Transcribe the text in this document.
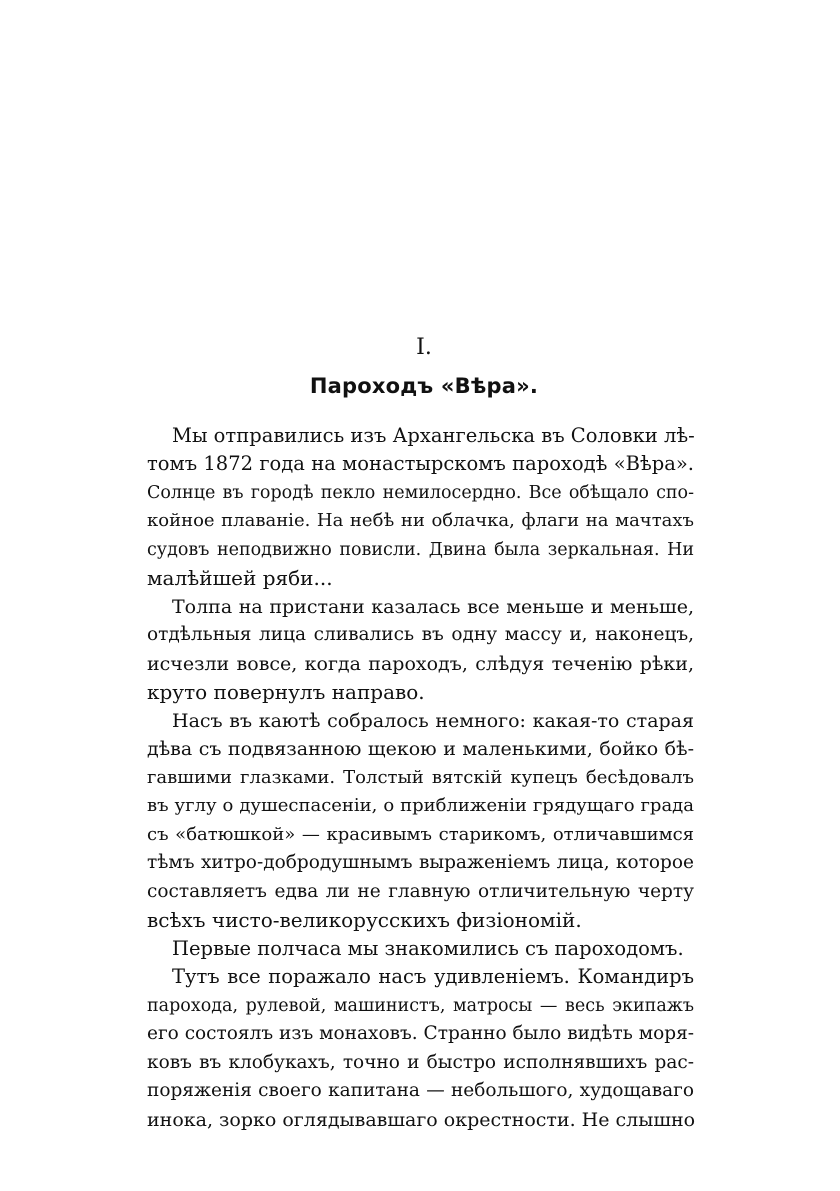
I.
Пароходъ «Вѣра».
Мы отправились изъ Архангельска въ Соловки лѣ-
томъ 1872 года на монастырскомъ пароходѣ «Вѣра».
Солнце въ городѣ пекло немилосердно. Все обѣщало спо-
койное плаваніе. На небѣ ни облачка, флаги на мачтахъ
судовъ неподвижно повисли. Двина была зеркальная. Ни
малѣйшей ряби...
Толпа на пристани казалась все меньше и меньше,
отдѣльныя лица сливались въ одну массу и, наконецъ,
исчезли вовсе, когда пароходъ, слѣдуя теченію рѣки,
круто повернулъ направо.
Насъ въ каютѣ собралось немного: какая-то старая
дѣва съ подвязанною щекою и маленькими, бойко бѣ-
гавшими глазками. Толстый вятскій купецъ бесѣдовалъ
въ углу о душеспасеніи, о приближеніи грядущаго града
съ «батюшкой» — красивымъ старикомъ, отличавшимся
тѣмъ хитро-добродушнымъ выраженіемъ лица, которое
составляетъ едва ли не главную отличительную черту
всѣхъ чисто-великорусскихъ физіономій.
Первые полчаса мы знакомились съ пароходомъ.
Тутъ все поражало насъ удивленіемъ. Командиръ
парохода, рулевой, машинистъ, матросы — весь экипажъ
его состоялъ изъ монаховъ. Странно было видѣть моря-
ковъ въ клобукахъ, точно и быстро исполнявшихъ рас-
поряженія своего капитана — небольшого, худощаваго
инока, зорко оглядывавшаго окрестности. Не слышно
